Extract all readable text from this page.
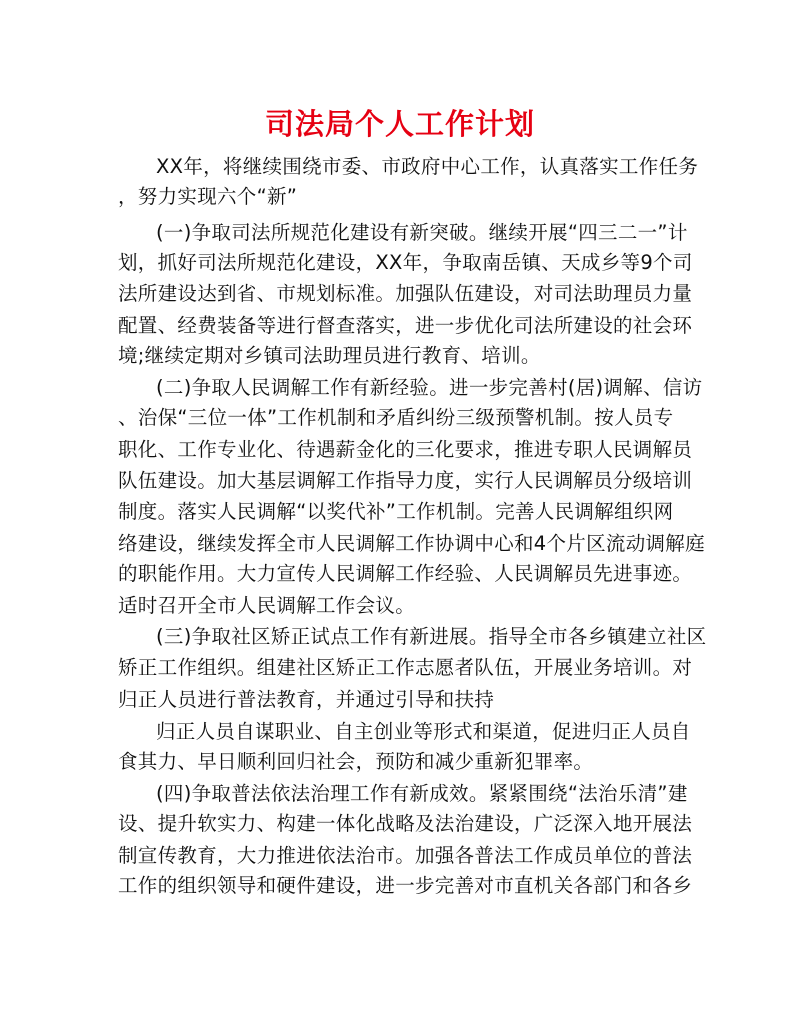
司法局个人工作计划
XX年，将继续围绕市委、市政府中心工作，认真落实工作任务
，努力实现六个“新”
(一)争取司法所规范化建设有新突破。继续开展“四三二一”计
划，抓好司法所规范化建设，XX年，争取南岳镇、天成乡等9个司
法所建设达到省、市规划标准。加强队伍建设，对司法助理员力量
配置、经费装备等进行督查落实，进一步优化司法所建设的社会环
境;继续定期对乡镇司法助理员进行教育、培训。
(二)争取人民调解工作有新经验。进一步完善村(居)调解、信访
、治保“三位一体”工作机制和矛盾纠纷三级预警机制。按人员专
职化、工作专业化、待遇薪金化的三化要求，推进专职人民调解员
队伍建设。加大基层调解工作指导力度，实行人民调解员分级培训
制度。落实人民调解“以奖代补”工作机制。完善人民调解组织网
络建设，继续发挥全市人民调解工作协调中心和4个片区流动调解庭
的职能作用。大力宣传人民调解工作经验、人民调解员先进事迹。
适时召开全市人民调解工作会议。
(三)争取社区矫正试点工作有新进展。指导全市各乡镇建立社区
矫正工作组织。组建社区矫正工作志愿者队伍，开展业务培训。对
归正人员进行普法教育，并通过引导和扶持
归正人员自谋职业、自主创业等形式和渠道，促进归正人员自
食其力、早日顺利回归社会，预防和减少重新犯罪率。
(四)争取普法依法治理工作有新成效。紧紧围绕“法治乐清”建
设、提升软实力、构建一体化战略及法治建设，广泛深入地开展法
制宣传教育，大力推进依法治市。加强各普法工作成员单位的普法
工作的组织领导和硬件建设，进一步完善对市直机关各部门和各乡
